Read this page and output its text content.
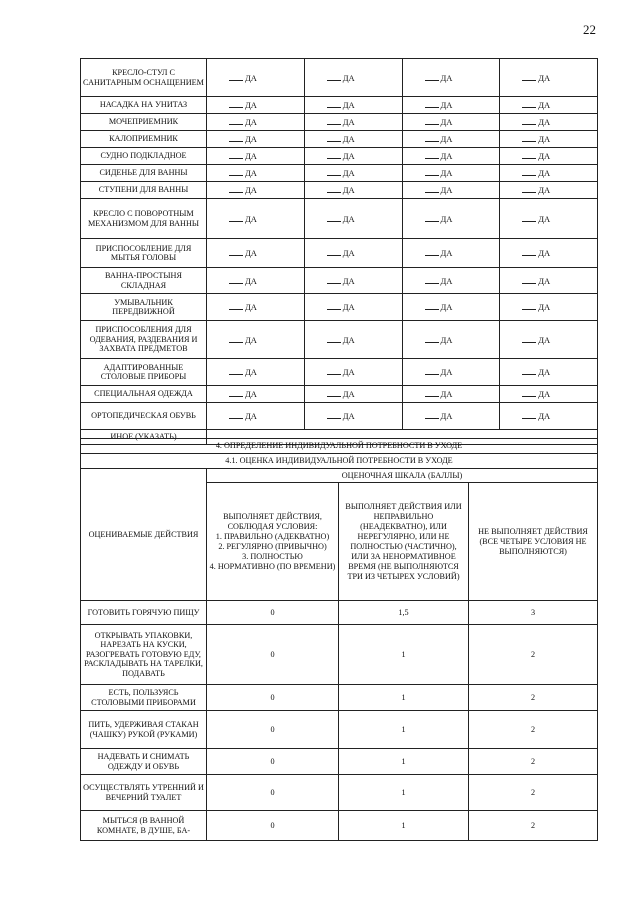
22
КРЕСЛО-СТУЛ С САНИТАРНЫМ ОСНАЩЕНИЕМ	ДА	ДА	ДА	ДА
НАСАДКА НА УНИТАЗ	ДА	ДА	ДА	ДА
МОЧЕПРИЕМНИК	ДА	ДА	ДА	ДА
КАЛОПРИЕМНИК	ДА	ДА	ДА	ДА
СУДНО ПОДКЛАДНОЕ	ДА	ДА	ДА	ДА
СИДЕНЬЕ ДЛЯ ВАННЫ	ДА	ДА	ДА	ДА
СТУПЕНИ ДЛЯ ВАННЫ	ДА	ДА	ДА	ДА
КРЕСЛО С ПОВОРОТНЫМ МЕХАНИЗМОМ ДЛЯ ВАННЫ	ДА	ДА	ДА	ДА
ПРИСПОСОБЛЕНИЕ ДЛЯ МЫТЬЯ ГОЛОВЫ	ДА	ДА	ДА	ДА
ВАННА-ПРОСТЫНЯ СКЛАДНАЯ	ДА	ДА	ДА	ДА
УМЫВАЛЬНИК ПЕРЕДВИЖНОЙ	ДА	ДА	ДА	ДА
ПРИСПОСОБЛЕНИЯ ДЛЯ ОДЕВАНИЯ, РАЗДЕВАНИЯ И ЗАХВАТА ПРЕДМЕТОВ	ДА	ДА	ДА	ДА
АДАПТИРОВАННЫЕ СТОЛОВЫЕ ПРИБОРЫ	ДА	ДА	ДА	ДА
СПЕЦИАЛЬНАЯ ОДЕЖДА	ДА	ДА	ДА	ДА
ОРТОПЕДИЧЕСКАЯ ОБУВЬ	ДА	ДА	ДА	ДА
ИНОЕ (УКАЗАТЬ)				
4. ОПРЕДЕЛЕНИЕ ИНДИВИДУАЛЬНОЙ ПОТРЕБНОСТИ В УХОДЕ			
4.1. ОЦЕНКА ИНДИВИДУАЛЬНОЙ ПОТРЕБНОСТИ В УХОДЕ			
ОЦЕНИВАЕМЫЕ ДЕЙСТВИЯ	ОЦЕНОЧНАЯ ШКАЛА (БАЛЛЫ)		

	ВЫПОЛНЯЕТ ДЕЙСТВИЯ, СОБЛЮДАЯ УСЛОВИЯ:
1. ПРАВИЛЬНО (АДЕКВАТНО)
2. РЕГУЛЯРНО (ПРИВЫЧНО)
3. ПОЛНОСТЬЮ
4. НОРМАТИВНО (ПО ВРЕМЕНИ)	ВЫПОЛНЯЕТ ДЕЙСТВИЯ ИЛИ НЕПРАВИЛЬНО (НЕАДЕКВАТНО), ИЛИ НЕРЕГУЛЯРНО, ИЛИ НЕ ПОЛНОСТЬЮ (ЧАСТИЧНО), ИЛИ ЗА НЕНОРМАТИВНОЕ ВРЕМЯ (НЕ ВЫПОЛНЯЮТСЯ ТРИ ИЗ ЧЕТЫРЕХ УСЛОВИЙ)	НЕ ВЫПОЛНЯЕТ ДЕЙСТВИЯ (ВСЕ ЧЕТЫРЕ УСЛОВИЯ НЕ ВЫПОЛНЯЮТСЯ)
ГОТОВИТЬ ГОРЯЧУЮ ПИЩУ	0	1,5	3
ОТКРЫВАТЬ УПАКОВКИ, НАРЕЗАТЬ НА КУСКИ, РАЗОГРЕВАТЬ ГОТОВУЮ ЕДУ, РАСКЛАДЫВАТЬ НА ТАРЕЛКИ, ПОДАВАТЬ	0	1	2
ЕСТЬ, ПОЛЬЗУЯСЬ СТОЛОВЫМИ ПРИБОРАМИ	0	1	2
ПИТЬ, УДЕРЖИВАЯ СТАКАН (ЧАШКУ) РУКОЙ (РУКАМИ)	0	1	2
НАДЕВАТЬ И СНИМАТЬ ОДЕЖДУ И ОБУВЬ	0	1	2
ОСУЩЕСТВЛЯТЬ УТРЕННИЙ И ВЕЧЕРНИЙ ТУАЛЕТ	0	1	2
МЫТЬСЯ (В ВАННОЙ КОМНАТЕ, В ДУШЕ, БА-	0	1	2
